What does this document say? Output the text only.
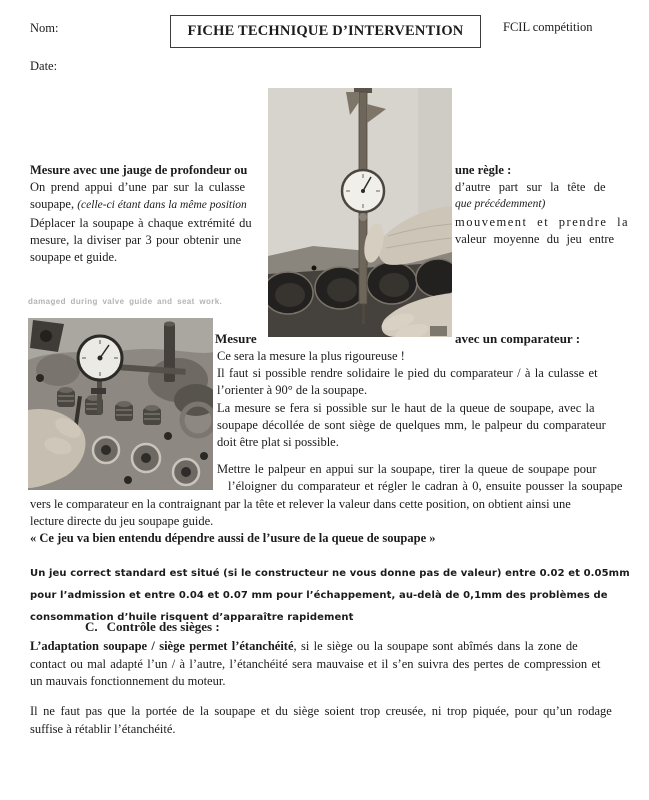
Nom:
Date:
FICHE TECHNIQUE D’INTERVENTION	FCIL compétition
Mesure avec une jauge de profondeur ou
On prend appui d’une par sur la culasse
soupape, (celle-ci étant dans la même position
Déplacer la soupape à chaque extrémité du
mesure, la diviser par 3 pour obtenir une
soupape et guide.
une règle :
d’autre part sur la tête de
que précédemment)
mouvement et prendre la
valeur moyenne du jeu entre
damaged during valve guide and seat work.
Mesure	avec un comparateur :
Ce sera la mesure la plus rigoureuse !
Il faut si possible rendre solidaire le pied du comparateur / à la culasse et
l’orienter à 90° de la soupape.
La mesure se fera si possible sur le haut de la queue de soupape, avec la
soupape décollée de sont siège de quelques mm, le palpeur du comparateur
doit être plat si possible.
Mettre le palpeur en appui sur la soupape, tirer la queue de soupape pour
l’éloigner du comparateur et régler le cadran à 0, ensuite pousser la soupape
vers le comparateur en la contraignant par la tête et relever la valeur dans cette position, on obtient ainsi une
lecture directe du jeu soupape guide.
« Ce jeu va bien entendu dépendre aussi de l’usure de la queue de soupape »
Un jeu correct standard est situé (si le constructeur ne vous donne pas de valeur) entre 0.02 et 0.05mm
pour l’admission et entre 0.04 et 0.07 mm pour l’échappement, au-delà de 0,1mm des problèmes de
consommation d’huile risquent d’apparaître rapidement
C. Contrôle des sièges :
L’adaptation soupape / siège permet l’étanchéité, si le siège ou la soupape sont abîmés dans la zone de
contact ou mal adapté l’un / à l’autre, l’étanchéité sera mauvaise et il s’en suivra des pertes de compression et
un mauvais fonctionnement du moteur.
Il ne faut pas que la portée de la soupape et du siège soient trop creusée, ni trop piquée, pour qu’un rodage
suffise à rétablir l’étanchéité.
